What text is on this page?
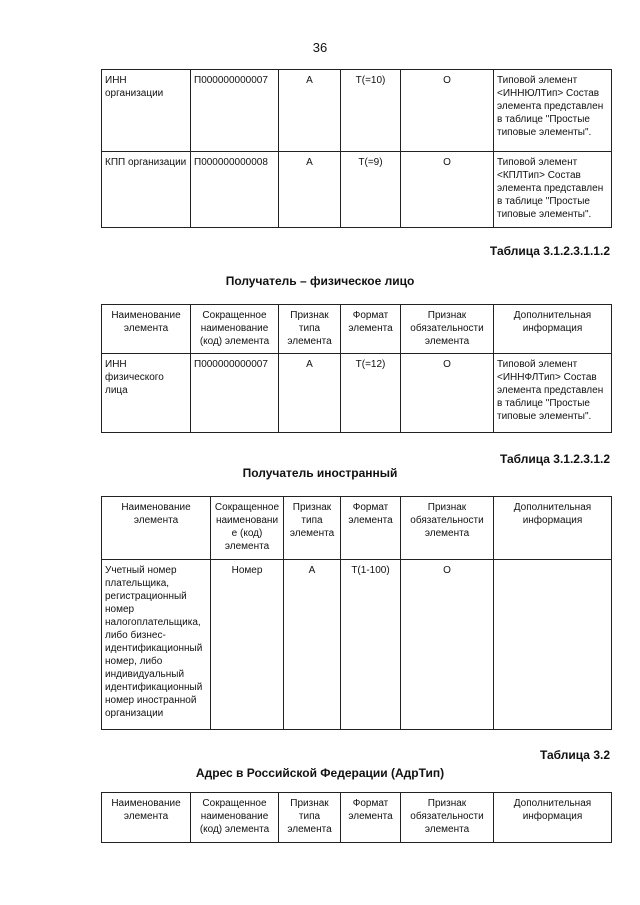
36
ИНН организации	П000000000007	А	Т(=10)	О	Типовой элемент <ИННЮЛТип> Состав элемента представлен в таблице "Простые типовые элементы".
КПП организации	П000000000008	А	Т(=9)	О	Типовой элемент <КПЛТип> Состав элемента представлен в таблице "Простые типовые элементы".
Таблица 3.1.2.3.1.1.2
Получатель – физическое лицо
Наименование элемента	Сокращенное наименование (код) элемента	Признак типа элемента	Формат элемента	Признак обязательности элемента	Дополнительная информация
ИНН физического лица	П000000000007	А	Т(=12)	О	Типовой элемент <ИННФЛТип> Состав элемента представлен в таблице "Простые типовые элементы".
Таблица 3.1.2.3.1.2
Получатель иностранный
Наименование элемента	Сокращенное наименовани е (код) элемента	Признак типа элемента	Формат элемента	Признак обязательности элемента	Дополнительная информация
Учетный номер плательщика, регистрационный номер налогоплательщика, либо бизнес-идентификационный номер, либо индивидуальный идентификационный номер иностранной организации	Номер	А	Т(1-100)	О	
Таблица 3.2
Адрес в Российской Федерации (АдрТип)
Наименование элемента	Сокращенное наименование (код) элемента	Признак типа элемента	Формат элемента	Признак обязательности элемента	Дополнительная информация
